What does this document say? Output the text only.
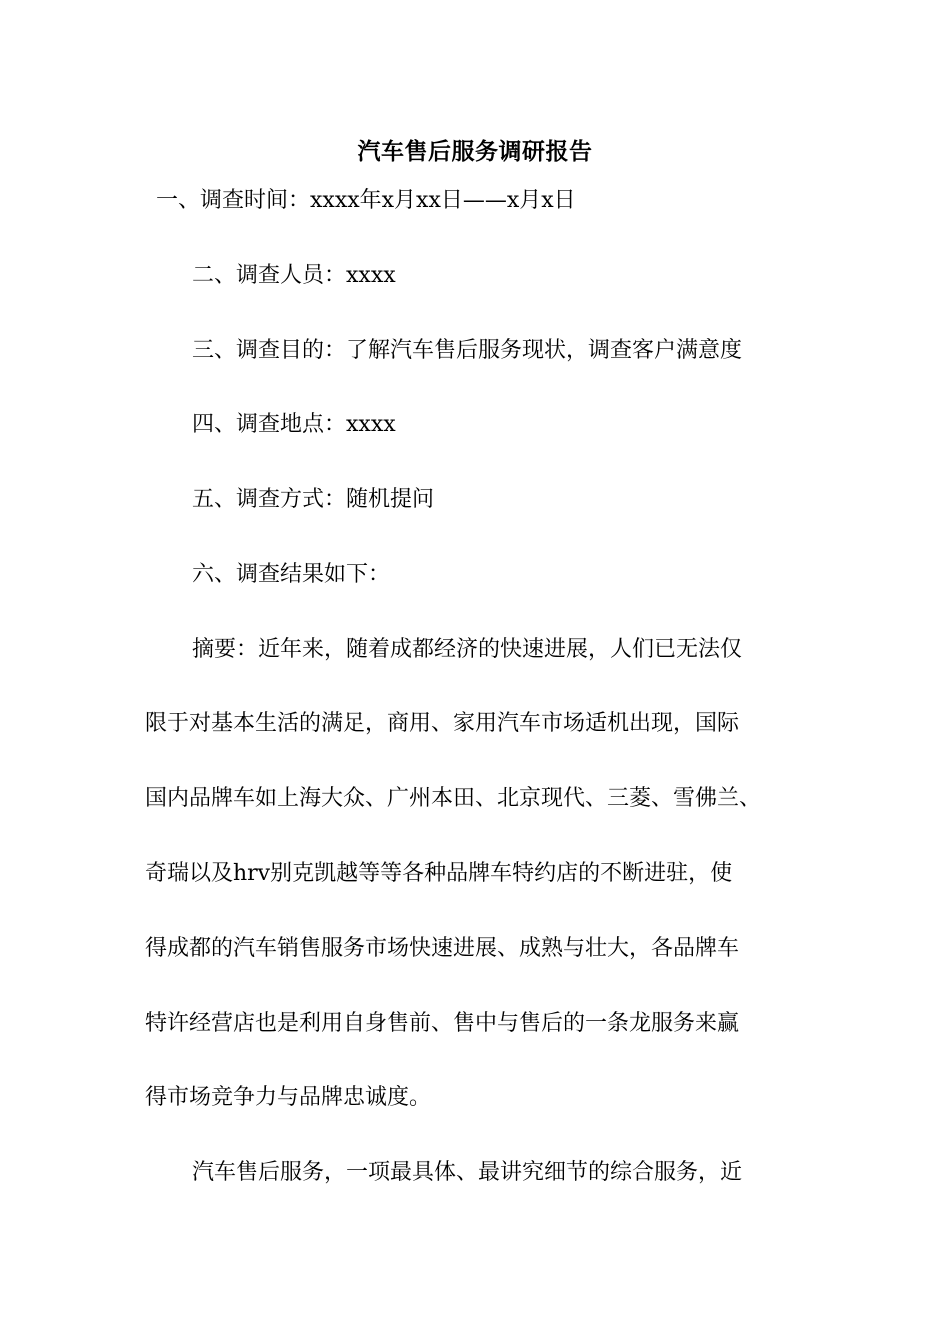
汽车售后服务调研报告
一、调查时间：xxxx年x月xx日——x月x日
二、调查人员：xxxx
三、调查目的：了解汽车售后服务现状，调查客户满意度
四、调查地点：xxxx
五、调查方式：随机提问
六、调查结果如下：
摘要：近年来，随着成都经济的快速进展，人们已无法仅
限于对基本生活的满足，商用、家用汽车市场适机出现，国际
国内品牌车如上海大众、广州本田、北京现代、三菱、雪佛兰、
奇瑞以及hrv别克凯越等等各种品牌车特约店的不断进驻，使
得成都的汽车销售服务市场快速进展、成熟与壮大，各品牌车
特许经营店也是利用自身售前、售中与售后的一条龙服务来赢
得市场竞争力与品牌忠诚度。
汽车售后服务，一项最具体、最讲究细节的综合服务，近
